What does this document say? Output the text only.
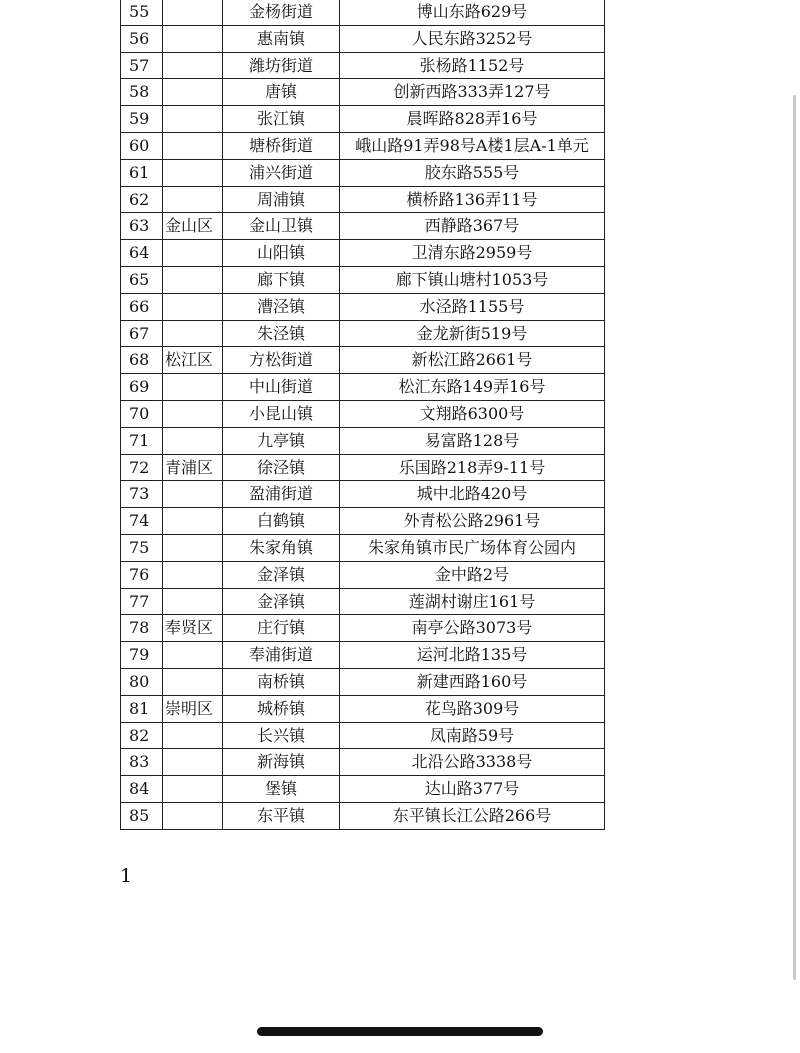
55		金杨街道	博山东路629号
56		惠南镇	人民东路3252号
57		潍坊街道	张杨路1152号
58		唐镇	创新西路333弄127号
59		张江镇	晨晖路828弄16号
60		塘桥街道	峨山路91弄98号A楼1层A-1单元
61		浦兴街道	胶东路555号
62		周浦镇	横桥路136弄11号
63	金山区	金山卫镇	西静路367号
64		山阳镇	卫清东路2959号
65		廊下镇	廊下镇山塘村1053号
66		漕泾镇	水泾路1155号
67		朱泾镇	金龙新街519号
68	松江区	方松街道	新松江路2661号
69		中山街道	松汇东路149弄16号
70		小昆山镇	文翔路6300号
71		九亭镇	易富路128号
72	青浦区	徐泾镇	乐国路218弄9-11号
73		盈浦街道	城中北路420号
74		白鹤镇	外青松公路2961号
75		朱家角镇	朱家角镇市民广场体育公园内
76		金泽镇	金中路2号
77		金泽镇	莲湖村谢庄161号
78	奉贤区	庄行镇	南亭公路3073号
79		奉浦街道	运河北路135号
80		南桥镇	新建西路160号
81	崇明区	城桥镇	花鸟路309号
82		长兴镇	凤南路59号
83		新海镇	北沿公路3338号
84		堡镇	达山路377号
85		东平镇	东平镇长江公路266号
1
